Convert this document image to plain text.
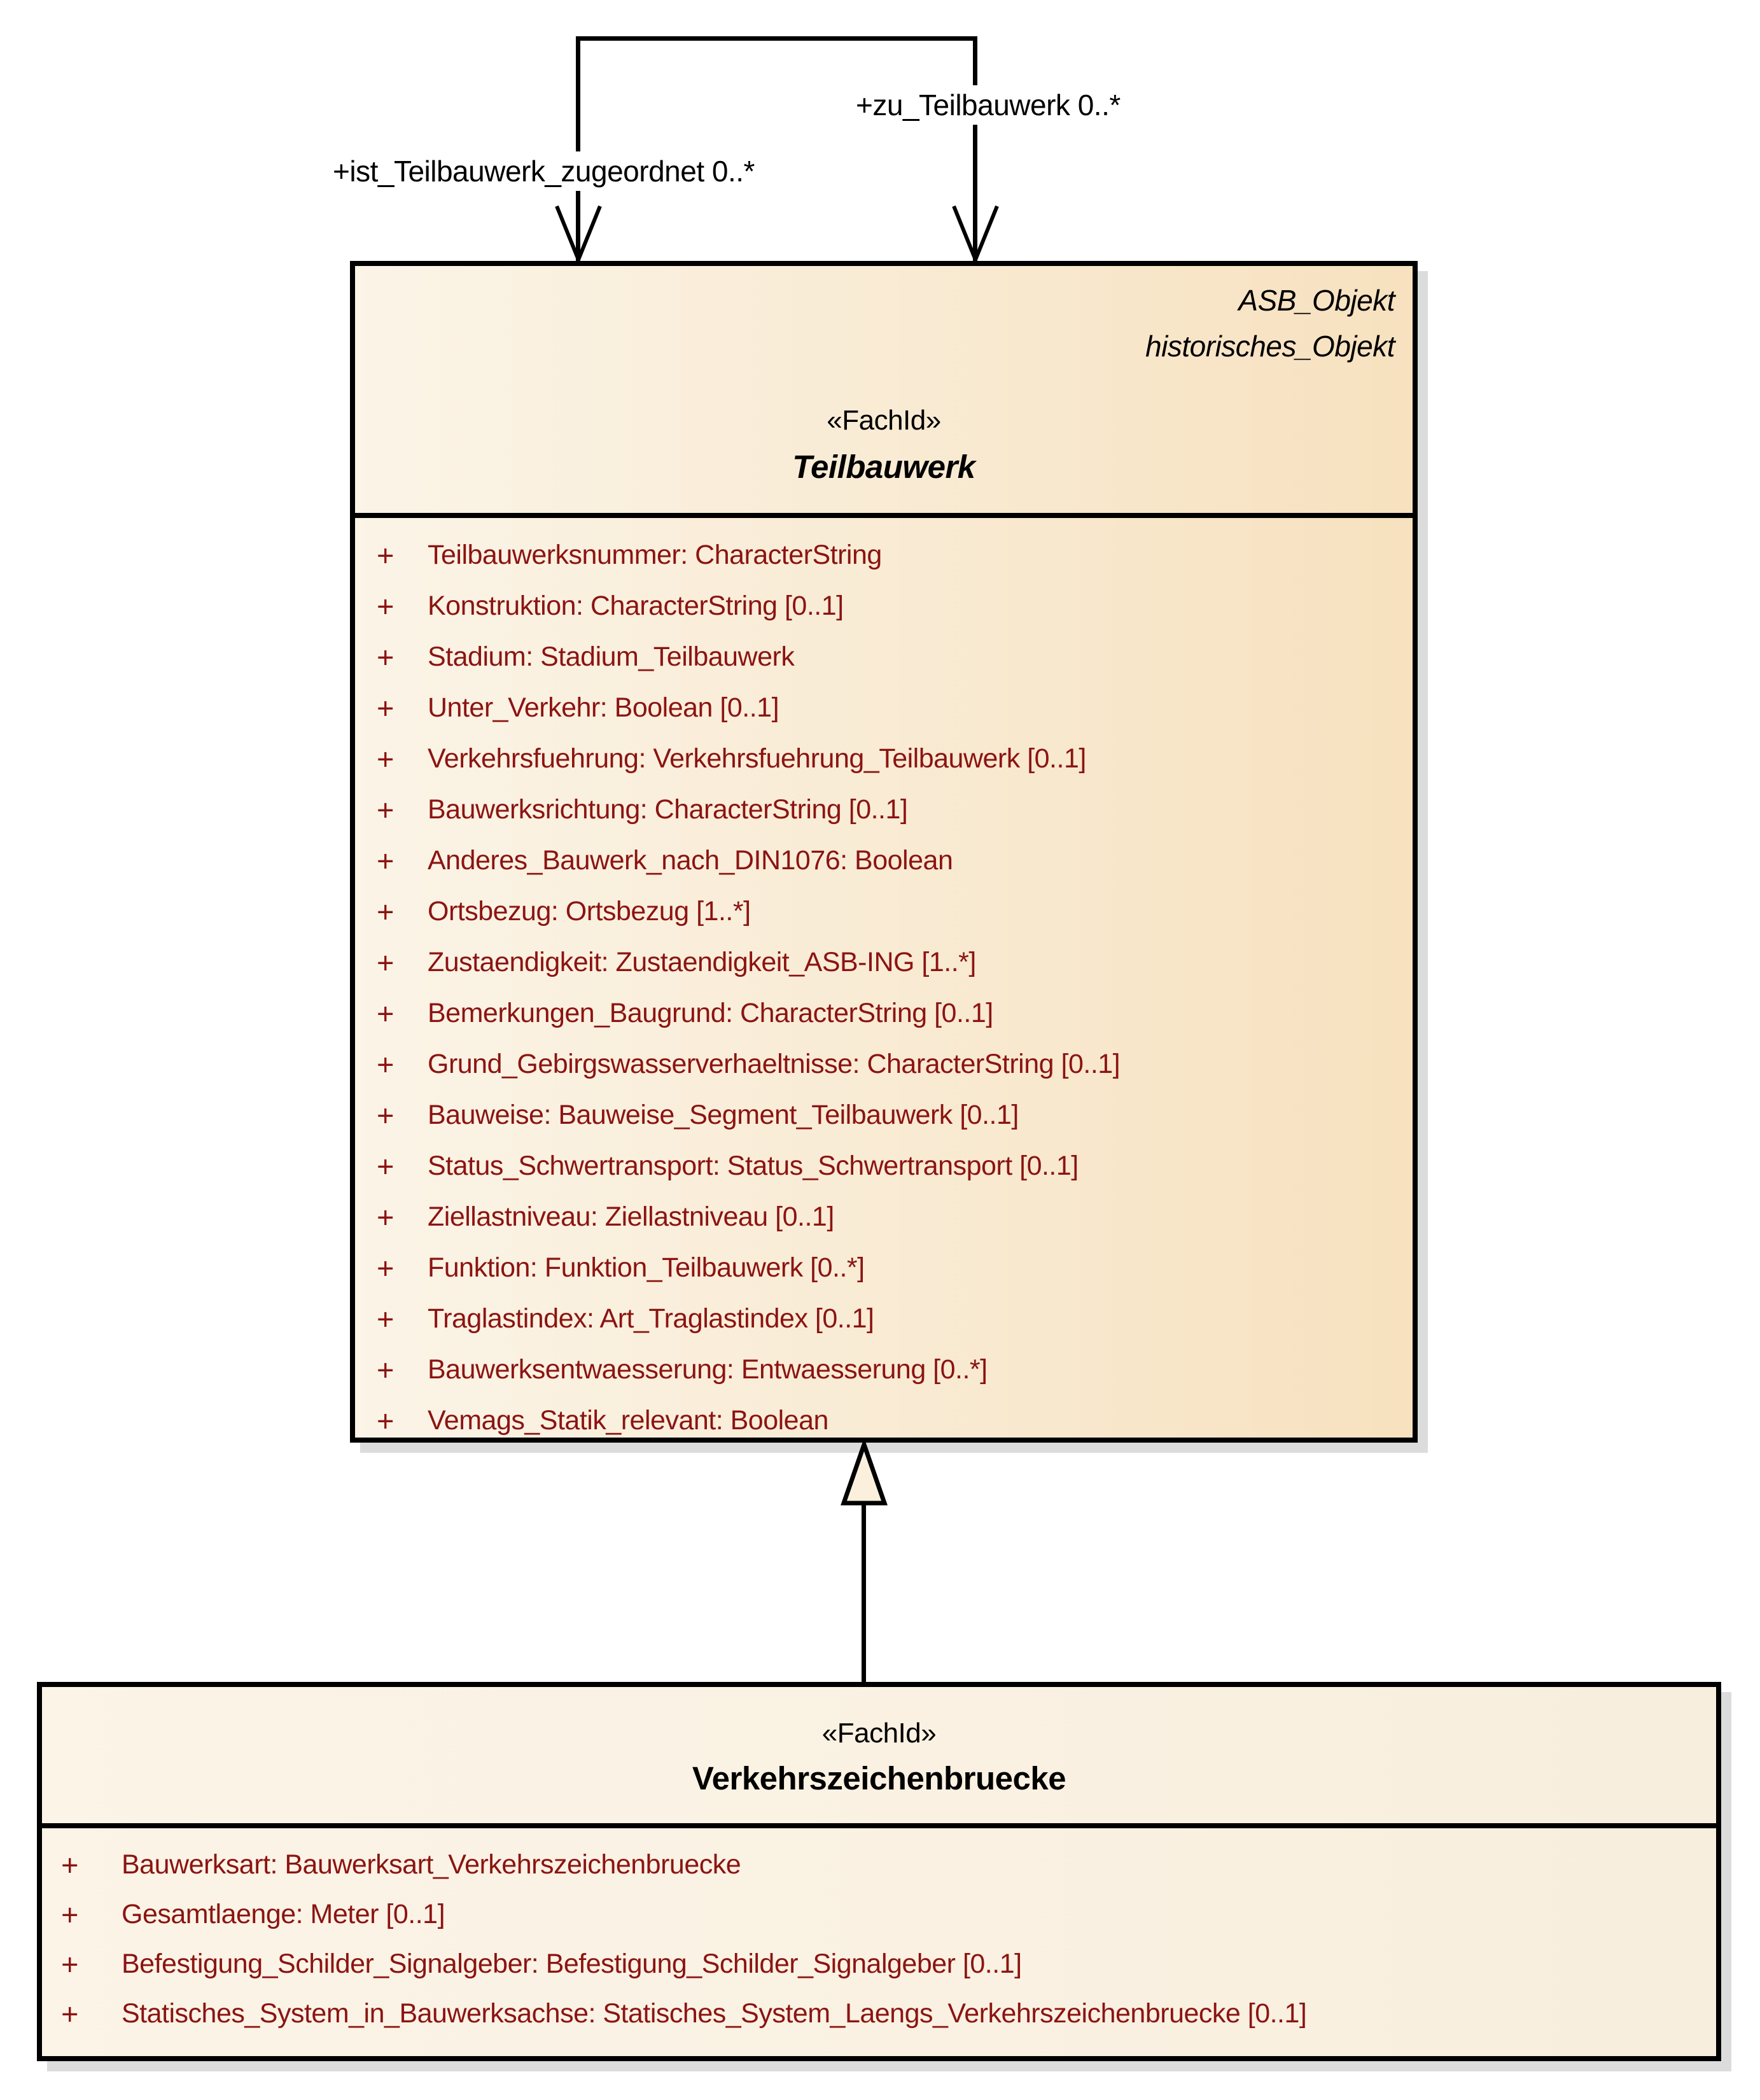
+ist_Teilbauwerk_zugeordnet 0..*
+zu_Teilbauwerk 0..*
ASB_Objekt
historisches_Objekt
«FachId»
Teilbauwerk
+	Teilbauwerksnummer: CharacterString
+	Konstruktion: CharacterString [0..1]
+	Stadium: Stadium_Teilbauwerk
+	Unter_Verkehr: Boolean [0..1]
+	Verkehrsfuehrung: Verkehrsfuehrung_Teilbauwerk [0..1]
+	Bauwerksrichtung: CharacterString [0..1]
+	Anderes_Bauwerk_nach_DIN1076: Boolean
+	Ortsbezug: Ortsbezug [1..*]
+	Zustaendigkeit: Zustaendigkeit_ASB-ING [1..*]
+	Bemerkungen_Baugrund: CharacterString [0..1]
+	Grund_Gebirgswasserverhaeltnisse: CharacterString [0..1]
+	Bauweise: Bauweise_Segment_Teilbauwerk [0..1]
+	Status_Schwertransport: Status_Schwertransport [0..1]
+	Ziellastniveau: Ziellastniveau [0..1]
+	Funktion: Funktion_Teilbauwerk [0..*]
+	Traglastindex: Art_Traglastindex [0..1]
+	Bauwerksentwaesserung: Entwaesserung [0..*]
+	Vemags_Statik_relevant: Boolean
«FachId»
Verkehrszeichenbruecke
+	Bauwerksart: Bauwerksart_Verkehrszeichenbruecke
+	Gesamtlaenge: Meter [0..1]
+	Befestigung_Schilder_Signalgeber: Befestigung_Schilder_Signalgeber [0..1]
+	Statisches_System_in_Bauwerksachse: Statisches_System_Laengs_Verkehrszeichenbruecke [0..1]
